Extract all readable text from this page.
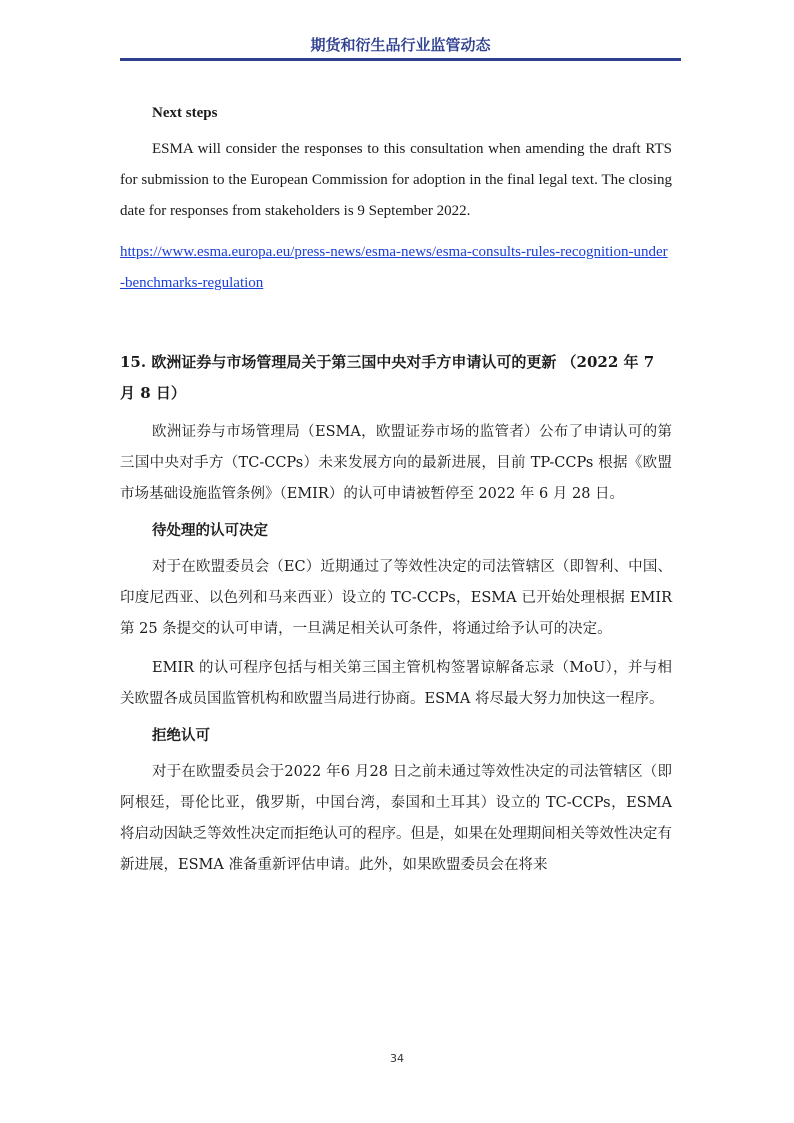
期货和衍生品行业监管动态
Next steps

ESMA will consider the responses to this consultation when amending the draft RTS for submission to the European Commission for adoption in the final legal text. The closing date for responses from stakeholders is 9 September 2022.

https://www.esma.europa.eu/press-news/esma-news/esma-consults-rules-recognition-under-benchmarks-regulation
15. 欧洲证券与市场管理局关于第三国中央对手方申请认可的更新 （2022 年 7 月 8 日）

欧洲证券与市场管理局（ESMA，欧盟证券市场的监管者）公布了申请认可的第三国中央对手方（TC-CCPs）未来发展方向的最新进展，目前 TP-CCPs 根据《欧盟市场基础设施监管条例》（EMIR）的认可申请被暂停至 2022 年 6 月 28 日。

待处理的认可决定

对于在欧盟委员会（EC）近期通过了等效性决定的司法管辖区（即智利、中国、印度尼西亚、以色列和马来西亚）设立的 TC-CCPs，ESMA 已开始处理根据 EMIR 第 25 条提交的认可申请，一旦满足相关认可条件，将通过给予认可的决定。

EMIR 的认可程序包括与相关第三国主管机构签署谅解备忘录（MoU），并与相关欧盟各成员国监管机构和欧盟当局进行协商。ESMA 将尽最大努力加快这一程序。

拒绝认可

对于在欧盟委员会于2022 年6 月28 日之前未通过等效性决定的司法管辖区（即阿根廷，哥伦比亚，俄罗斯，中国台湾，泰国和土耳其）设立的 TC-CCPs，ESMA 将启动因缺乏等效性决定而拒绝认可的程序。但是，如果在处理期间相关等效性决定有新进展，ESMA 准备重新评估申请。此外，如果欧盟委员会在将来

34
